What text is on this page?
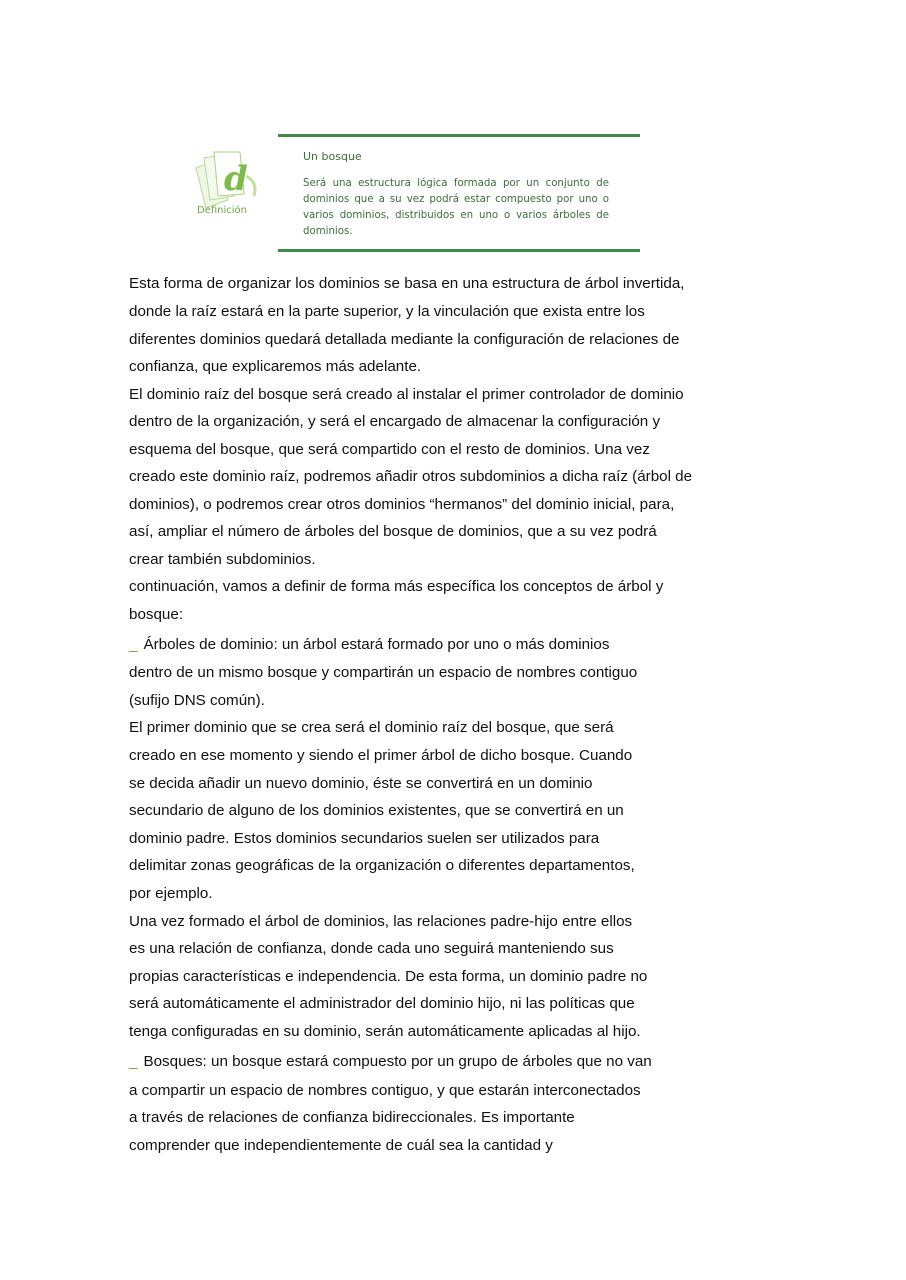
d
Definición
Un bosque
Será una estructura lógica formada por un conjunto de dominios que a su vez podrá estar compuesto por uno o varios dominios, distribuidos en uno o varios árboles de dominios.
Esta forma de organizar los dominios se basa en una estructura de árbol invertida,
donde la raíz estará en la parte superior, y la vinculación que exista entre los
diferentes dominios quedará detallada mediante la configuración de relaciones de
confianza, que explicaremos más adelante.
El dominio raíz del bosque será creado al instalar el primer controlador de dominio
dentro de la organización, y será el encargado de almacenar la configuración y
esquema del bosque, que será compartido con el resto de dominios. Una vez
creado este dominio raíz, podremos añadir otros subdominios a dicha raíz (árbol de
dominios), o podremos crear otros dominios “hermanos” del dominio inicial, para,
así, ampliar el número de árboles del bosque de dominios, que a su vez podrá
crear también subdominios.
continuación, vamos a definir de forma más específica los conceptos de árbol y
bosque:
_ Árboles de dominio: un árbol estará formado por uno o más dominios
dentro de un mismo bosque y compartirán un espacio de nombres contiguo
(sufijo DNS común).
El primer dominio que se crea será el dominio raíz del bosque, que será
creado en ese momento y siendo el primer árbol de dicho bosque. Cuando
se decida añadir un nuevo dominio, éste se convertirá en un dominio
secundario de alguno de los dominios existentes, que se convertirá en un
dominio padre. Estos dominios secundarios suelen ser utilizados para
delimitar zonas geográficas de la organización o diferentes departamentos,
por ejemplo.
Una vez formado el árbol de dominios, las relaciones padre-hijo entre ellos
es una relación de confianza, donde cada uno seguirá manteniendo sus
propias características e independencia. De esta forma, un dominio padre no
será automáticamente el administrador del dominio hijo, ni las políticas que
tenga configuradas en su dominio, serán automáticamente aplicadas al hijo.
_ Bosques: un bosque estará compuesto por un grupo de árboles que no van
a compartir un espacio de nombres contiguo, y que estarán interconectados
a través de relaciones de confianza bidireccionales. Es importante
comprender que independientemente de cuál sea la cantidad y
